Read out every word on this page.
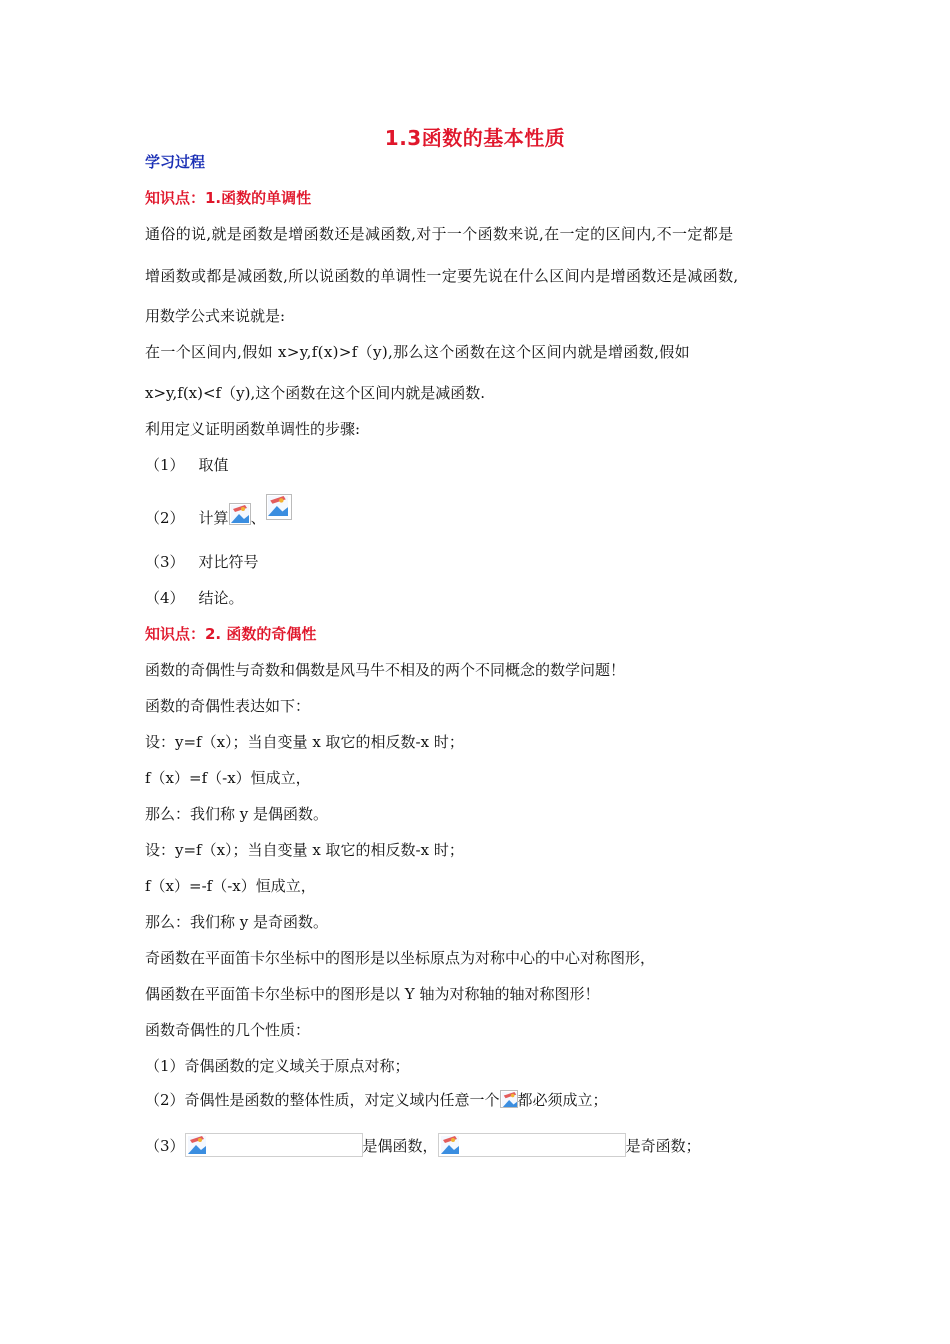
1.3函数的基本性质
学习过程
知识点：1.函数的单调性
通俗的说,就是函数是增函数还是减函数,对于一个函数来说,在一定的区间内,不一定都是
增函数或都是减函数,所以说函数的单调性一定要先说在什么区间内是增函数还是减函数,
用数学公式来说就是:
在一个区间内,假如 x>y,f(x)>f（y),那么这个函数在这个区间内就是增函数,假如
x>y,f(x)<f（y),这个函数在这个区间内就是减函数.
利用定义证明函数单调性的步骤:
（1） 取值
（2） 计算 、
（3） 对比符号
（4） 结论。
知识点：2. 函数的奇偶性
函数的奇偶性与奇数和偶数是风马牛不相及的两个不同概念的数学问题！
函数的奇偶性表达如下：
设：y=f（x）；当自变量 x 取它的相反数-x 时；
f（x）=f（-x）恒成立，
那么：我们称 y 是偶函数。
设：y=f（x）；当自变量 x 取它的相反数-x 时；
f（x）=-f（-x）恒成立，
那么：我们称 y 是奇函数。
奇函数在平面笛卡尔坐标中的图形是以坐标原点为对称中心的中心对称图形，
偶函数在平面笛卡尔坐标中的图形是以 Y 轴为对称轴的轴对称图形！
函数奇偶性的几个性质：
（1）奇偶函数的定义域关于原点对称；
（2）奇偶性是函数的整体性质，对定义域内任意一个 都必须成立；
（3）	是偶函数，	是奇函数；
